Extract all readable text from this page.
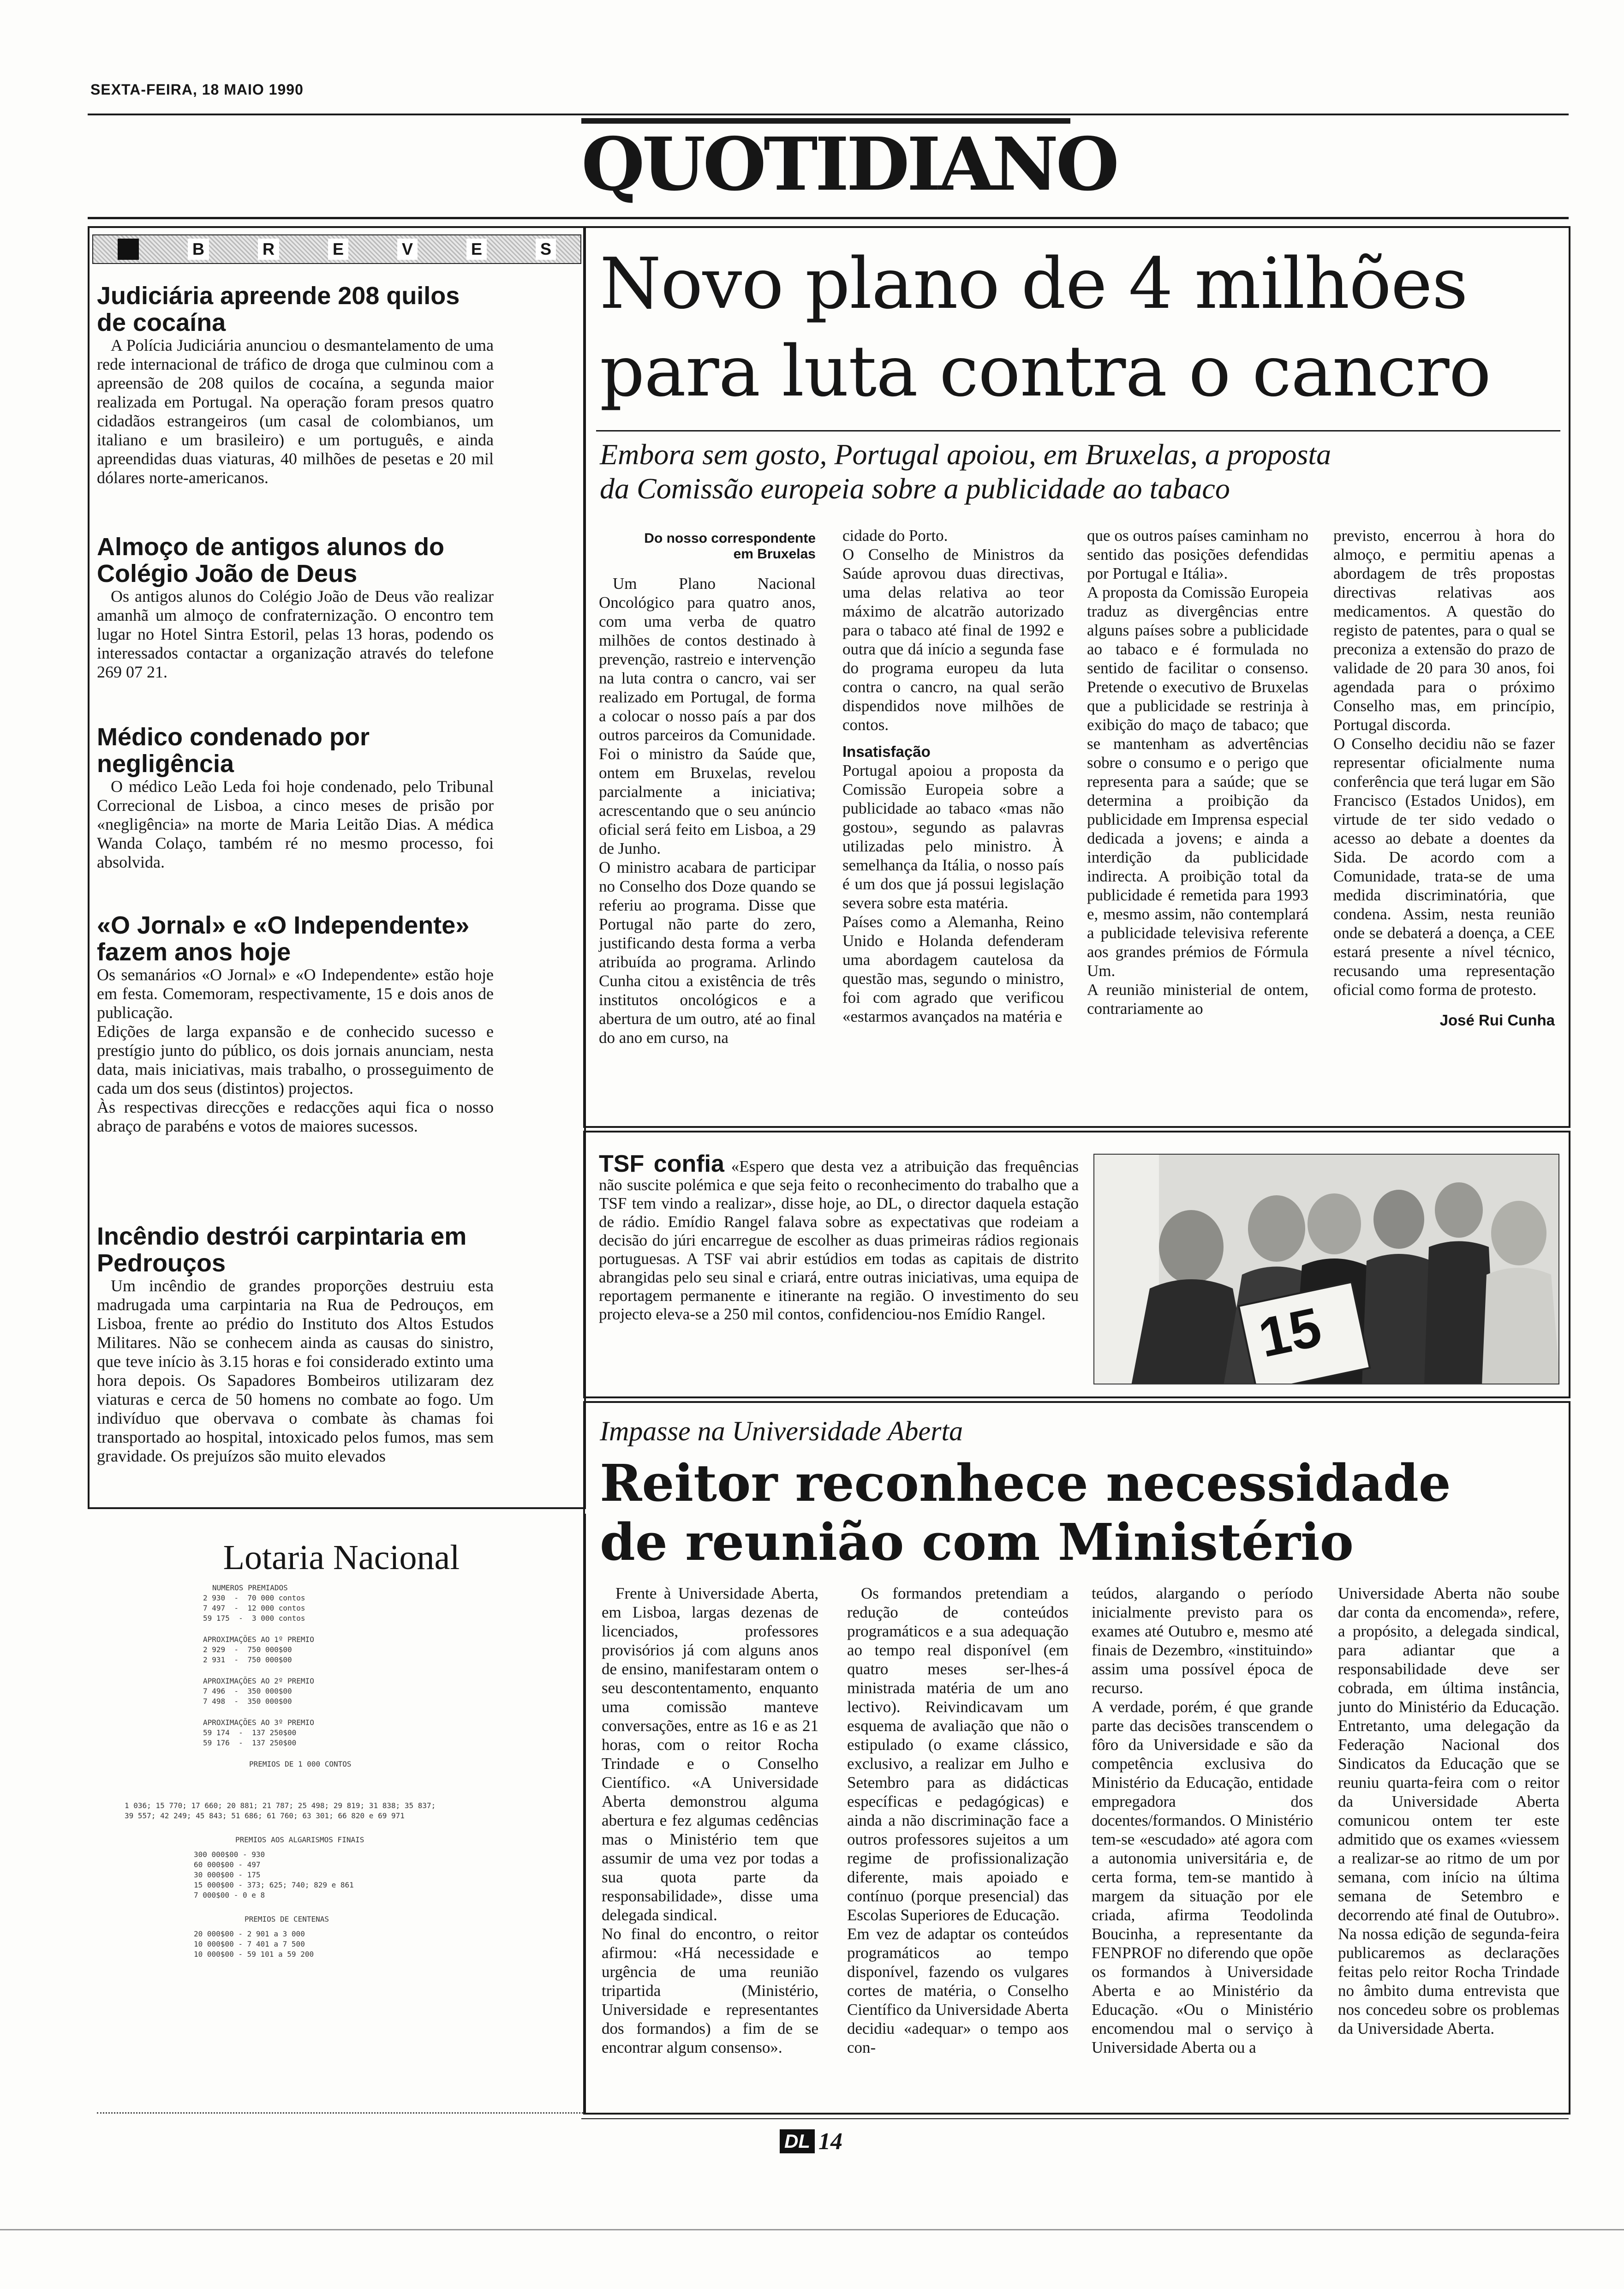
SEXTA-FEIRA, 18 MAIO 1990
QUOTIDIANO
B	R	E	V	E	S
Judiciária apreende 208 quilos de cocaína

A Polícia Judiciária anunciou o desmantelamento de uma rede internacional de tráfico de droga que culminou com a apreensão de 208 quilos de cocaína, a segunda maior realizada em Portugal. Na operação foram presos quatro cidadãos estrangeiros (um casal de colombianos, um italiano e um brasileiro) e um português, e ainda apreendidas duas viaturas, 40 milhões de pesetas e 20 mil dólares norte-americanos.

Almoço de antigos alunos do Colégio João de Deus

Os antigos alunos do Colégio João de Deus vão realizar amanhã um almoço de confraternização. O encontro tem lugar no Hotel Sintra Estoril, pelas 13 horas, podendo os interessados contactar a organização através do telefone 269 07 21.

Médico condenado por negligência

O médico Leão Leda foi hoje condenado, pelo Tribunal Correcional de Lisboa, a cinco meses de prisão por «negligência» na morte de Maria Leitão Dias. A médica Wanda Colaço, também ré no mesmo processo, foi absolvida.

«O Jornal» e «O Independente» fazem anos hoje

Os semanários «O Jornal» e «O Independente» estão hoje em festa. Comemoram, respectivamente, 15 e dois anos de publicação.
Edições de larga expansão e de conhecido sucesso e prestígio junto do público, os dois jornais anunciam, nesta data, mais iniciativas, mais trabalho, o prosseguimento de cada um dos seus (distintos) projectos.
Às respectivas direcções e redacções aqui fica o nosso abraço de parabéns e votos de maiores sucessos.

Incêndio destrói carpintaria em Pedrouços

Um incêndio de grandes proporções destruiu esta madrugada uma carpintaria na Rua de Pedrouços, em Lisboa, frente ao prédio do Instituto dos Altos Estudos Militares. Não se conhecem ainda as causas do sinistro, que teve início às 3.15 horas e foi considerado extinto uma hora depois. Os Sapadores Bombeiros utilizaram dez viaturas e cerca de 50 homens no combate ao fogo. Um indivíduo que obervava o combate às chamas foi transportado ao hospital, intoxicado pelos fumos, mas sem gravidade. Os prejuízos são muito elevados

Lotaria Nacional
NUMEROS PREMIADOS
2 930  -  70 000 contos
7 497  -  12 000 contos
59 175  -  3 000 contos
APROXIMAÇÕES AO 1º PREMIO
2 929  -  750 000$00
2 931  -  750 000$00
APROXIMAÇÕES AO 2º PREMIO
7 496  -  350 000$00
7 498  -  350 000$00
APROXIMAÇÕES AO 3º PREMIO
59 174  -  137 250$00
59 176  -  137 250$00
PREMIOS DE 1 000 CONTOS
1 036; 15 770; 17 660; 20 881; 21 787; 25 498; 29 819; 31 838; 35 837;
39 557; 42 249; 45 843; 51 686; 61 760; 63 301; 66 820 e 69 971
PREMIOS AOS ALGARISMOS FINAIS
300 000$00 - 930
60 000$00 - 497
30 000$00 - 175
15 000$00 - 373; 625; 740; 829 e 861
7 000$00 - 0 e 8
PREMIOS DE CENTENAS
20 000$00 - 2 901 a 3 000
10 000$00 - 7 401 a 7 500
10 000$00 - 59 101 a 59 200
Novo plano de 4 milhões
para luta contra o cancro
Embora sem gosto, Portugal apoiou, em Bruxelas, a proposta
da Comissão europeia sobre a publicidade ao tabaco
Do nosso correspondente em Bruxelas

Um Plano Nacional Oncológico para quatro anos, com uma verba de quatro milhões de contos destinado à prevenção, rastreio e intervenção na luta contra o cancro, vai ser realizado em Portugal, de forma a colocar o nosso país a par dos outros parceiros da Comunidade. Foi o ministro da Saúde que, ontem em Bruxelas, revelou parcialmente a iniciativa; acrescentando que o seu anúncio oficial será feito em Lisboa, a 29 de Junho.
O ministro acabara de participar no Conselho dos Doze quando se referiu ao programa. Disse que Portugal não parte do zero, justificando desta forma a verba atribuída ao programa. Arlindo Cunha citou a existência de três institutos oncológicos e a abertura de um outro, até ao final do ano em curso, na

cidade do Porto.
O Conselho de Ministros da Saúde aprovou duas directivas, uma delas relativa ao teor máximo de alcatrão autorizado para o tabaco até final de 1992 e outra que dá início a segunda fase do programa europeu da luta contra o cancro, na qual serão dispendidos nove milhões de contos.

Insatisfação

Portugal apoiou a proposta da Comissão Europeia sobre a publicidade ao tabaco «mas não gostou», segundo as palavras utilizadas pelo ministro. À semelhança da Itália, o nosso país é um dos que já possui legislação severa sobre esta matéria.
Países como a Alemanha, Reino Unido e Holanda defenderam uma abordagem cautelosa da questão mas, segundo o ministro, foi com agrado que verificou «estarmos avançados na matéria e

que os outros países caminham no sentido das posições defendidas por Portugal e Itália».
A proposta da Comissão Europeia traduz as divergências entre alguns países sobre a publicidade ao tabaco e é formulada no sentido de facilitar o consenso. Pretende o executivo de Bruxelas que a publicidade se restrinja à exibição do maço de tabaco; que se mantenham as advertências sobre o consumo e o perigo que representa para a saúde; que se determina a proibição da publicidade em Imprensa especial dedicada a jovens; e ainda a interdição da publicidade indirecta. A proibição total da publicidade é remetida para 1993 e, mesmo assim, não contemplará a publicidade televisiva referente aos grandes prémios de Fórmula Um.
A reunião ministerial de ontem, contrariamente ao

previsto, encerrou à hora do almoço, e permitiu apenas a abordagem de três propostas directivas relativas aos medicamentos. A questão do registo de patentes, para o qual se preconiza a extensão do prazo de validade de 20 para 30 anos, foi agendada para o próximo Conselho mas, em princípio, Portugal discorda.
O Conselho decidiu não se fazer representar oficialmente numa conferência que terá lugar em São Francisco (Estados Unidos), em virtude de ter sido vedado o acesso ao debate a doentes da Sida. De acordo com a Comunidade, trata-se de uma medida discriminatória, que condena. Assim, nesta reunião onde se debaterá a doença, a CEE estará presente a nível técnico, recusando uma representação oficial como forma de protesto.

José Rui Cunha

TSF confia «Espero que desta vez a atribuição das frequências não suscite polémica e que seja feito o reconhecimento do trabalho que a TSF tem vindo a realizar», disse hoje, ao DL, o director daquela estação de rádio. Emídio Rangel falava sobre as expectativas que rodeiam a decisão do júri encarregue de escolher as duas primeiras rádios regionais portuguesas. A TSF vai abrir estúdios em todas as capitais de distrito abrangidas pelo seu sinal e criará, entre outras iniciativas, uma equipa de reportagem permanente e itinerante na região. O investimento do seu projecto eleva-se a 250 mil contos, confidenciou-nos Emídio Rangel.	15
Impasse na Universidade Aberta
Reitor reconhece necessidade
de reunião com Ministério

Frente à Universidade Aberta, em Lisboa, largas dezenas de licenciados, professores provisórios já com alguns anos de ensino, manifestaram ontem o seu descontentamento, enquanto uma comissão manteve conversações, entre as 16 e as 21 horas, com o reitor Rocha Trindade e o Conselho Científico. «A Universidade Aberta demonstrou alguma abertura e fez algumas cedências mas o Ministério tem que assumir de uma vez por todas a sua quota parte da responsabilidade», disse uma delegada sindical.
No final do encontro, o reitor afirmou: «Há necessidade e urgência de uma reunião tripartida (Ministério, Universidade e representantes dos formandos) a fim de se encontrar algum consenso».

Os formandos pretendiam a redução de conteúdos programáticos e a sua adequação ao tempo real disponível (em quatro meses ser-lhes-á ministrada matéria de um ano lectivo). Reivindicavam um esquema de avaliação que não o estipulado (o exame clássico, exclusivo, a realizar em Julho e Setembro para as didácticas específicas e pedagógicas) e ainda a não discriminação face a outros professores sujeitos a um regime de profissionalização diferente, mais apoiado e contínuo (porque presencial) das Escolas Superiores de Educação.
Em vez de adaptar os conteúdos programáticos ao tempo disponível, fazendo os vulgares cortes de matéria, o Conselho Científico da Universidade Aberta decidiu «adequar» o tempo aos con-

teúdos, alargando o período inicialmente previsto para os exames até Outubro e, mesmo até finais de Dezembro, «instituindo» assim uma possível época de recurso.
A verdade, porém, é que grande parte das decisões transcendem o fôro da Universidade e são da competência exclusiva do Ministério da Educação, entidade empregadora dos docentes/formandos. O Ministério tem-se «escudado» até agora com a autonomia universitária e, de certa forma, tem-se mantido à margem da situação por ele criada, afirma Teodolinda Boucinha, a representante da FENPROF no diferendo que opõe os formandos à Universidade Aberta e ao Ministério da Educação. «Ou o Ministério encomendou mal o serviço à Universidade Aberta ou a

Universidade Aberta não soube dar conta da encomenda», refere, a propósito, a delegada sindical, para adiantar que a responsabilidade deve ser cobrada, em última instância, junto do Ministério da Educação. Entretanto, uma delegação da Federação Nacional dos Sindicatos da Educação que se reuniu quarta-feira com o reitor da Universidade Aberta comunicou ontem ter este admitido que os exames «viessem a realizar-se ao ritmo de um por semana, com início na última semana de Setembro e decorrendo até final de Outubro». Na nossa edição de segunda-feira publicaremos as declarações feitas pelo reitor Rocha Trindade no âmbito duma entrevista que nos concedeu sobre os problemas da Universidade Aberta.

DL 14
